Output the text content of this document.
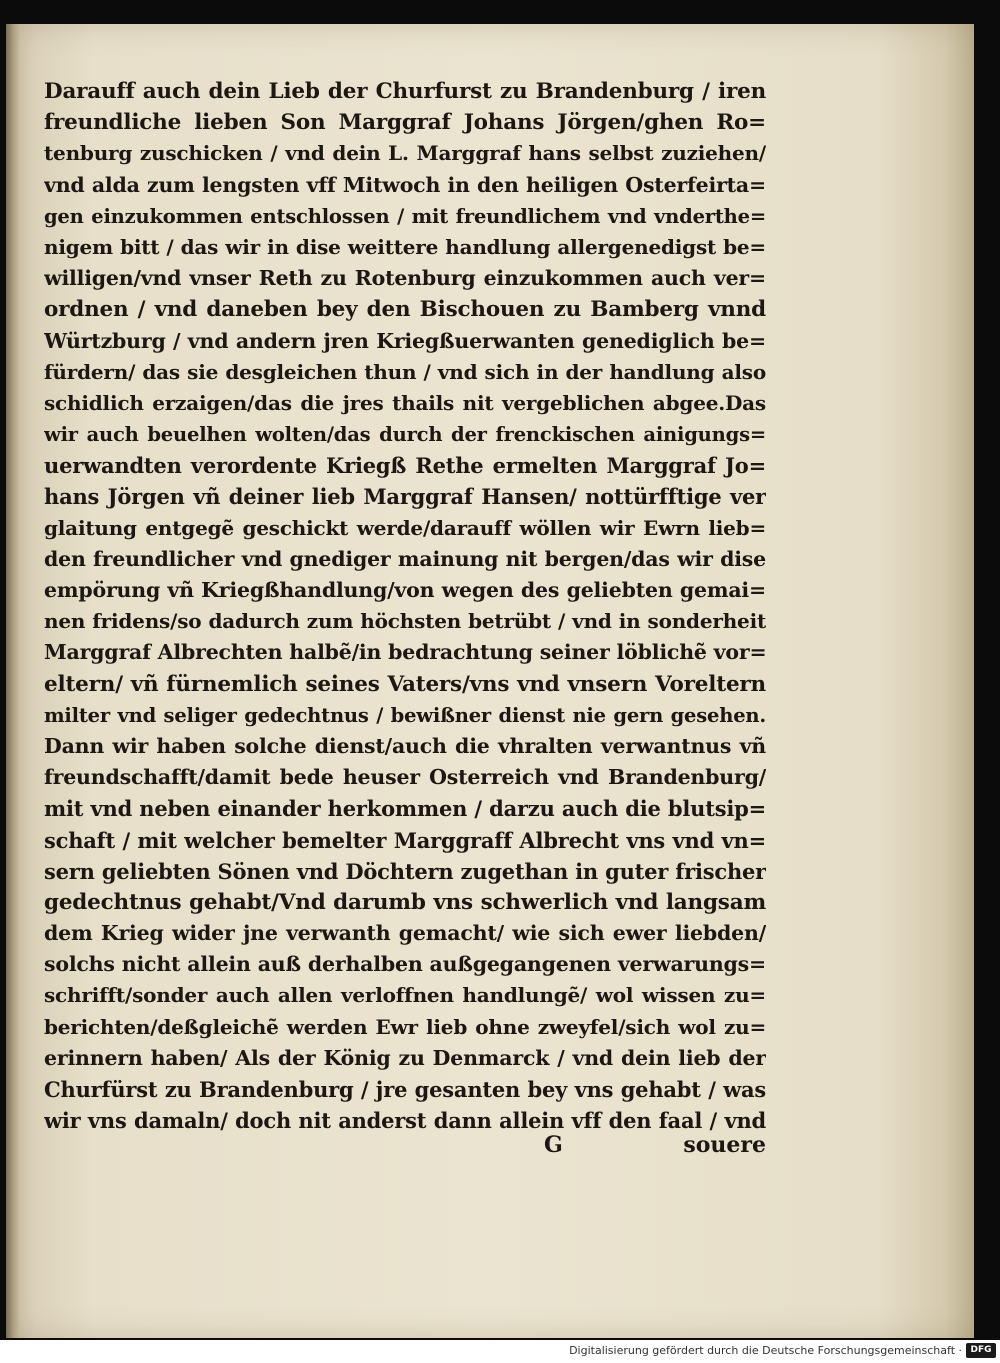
Darauff auch dein Lieb der Churfurst zu Brandenburg / iren
freundliche lieben Son Marggraf Johans Jörgen/ghen Ro=
tenburg zuschicken / vnd dein L. Marggraf hans selbst zuziehen/
vnd alda zum lengsten vff Mitwoch in den heiligen Osterfeirta=
gen einzukommen entschlossen / mit freundlichem vnd vnderthe=
nigem bitt / das wir in dise weittere handlung allergenedigst be=
willigen/vnd vnser Reth zu Rotenburg einzukommen auch ver=
ordnen / vnd daneben bey den Bischouen zu Bamberg vnnd
Würtzburg / vnd andern jren Kriegßuerwanten genediglich be=
fürdern/ das sie desgleichen thun / vnd sich in der handlung also
schidlich erzaigen/das die jres thails nit vergeblichen abgee.Das
wir auch beuelhen wolten/das durch der frenckischen ainigungs=
uerwandten verordente Kriegß Rethe ermelten Marggraf Jo=
hans Jörgen vñ deiner lieb Marggraf Hansen/ nottürfftige ver
glaitung entgegẽ geschickt werde/darauff wöllen wir Ewrn lieb=
den freundlicher vnd gnediger mainung nit bergen/das wir dise
empörung vñ Kriegßhandlung/von wegen des geliebten gemai=
nen fridens/so dadurch zum höchsten betrübt / vnd in sonderheit
Marggraf Albrechten halbẽ/in bedrachtung seiner löblichẽ vor=
eltern/ vñ fürnemlich seines Vaters/vns vnd vnsern Voreltern
milter vnd seliger gedechtnus / bewißner dienst nie gern gesehen.
Dann wir haben solche dienst/auch die vhralten verwantnus vñ
freundschafft/damit bede heuser Osterreich vnd Brandenburg/
mit vnd neben einander herkommen / darzu auch die blutsip=
schaft / mit welcher bemelter Marggraff Albrecht vns vnd vn=
sern geliebten Sönen vnd Döchtern zugethan in guter frischer
gedechtnus gehabt/Vnd darumb vns schwerlich vnd langsam
dem Krieg wider jne verwanth gemacht/ wie sich ewer liebden/
solchs nicht allein auß derhalben außgegangenen verwarungs=
schrifft/sonder auch allen verloffnen handlungẽ/ wol wissen zu=
berichten/deßgleichẽ werden Ewr lieb ohne zweyfel/sich wol zu=
erinnern haben/ Als der König zu Denmarck / vnd dein lieb der
Churfürst zu Brandenburg / jre gesanten bey vns gehabt / was
wir vns damaln/ doch nit anderst dann allein vff den faal / vnd
G	souere
Digitalisierung gefördert durch die Deutsche Forschungsgemeinschaft · DFG
